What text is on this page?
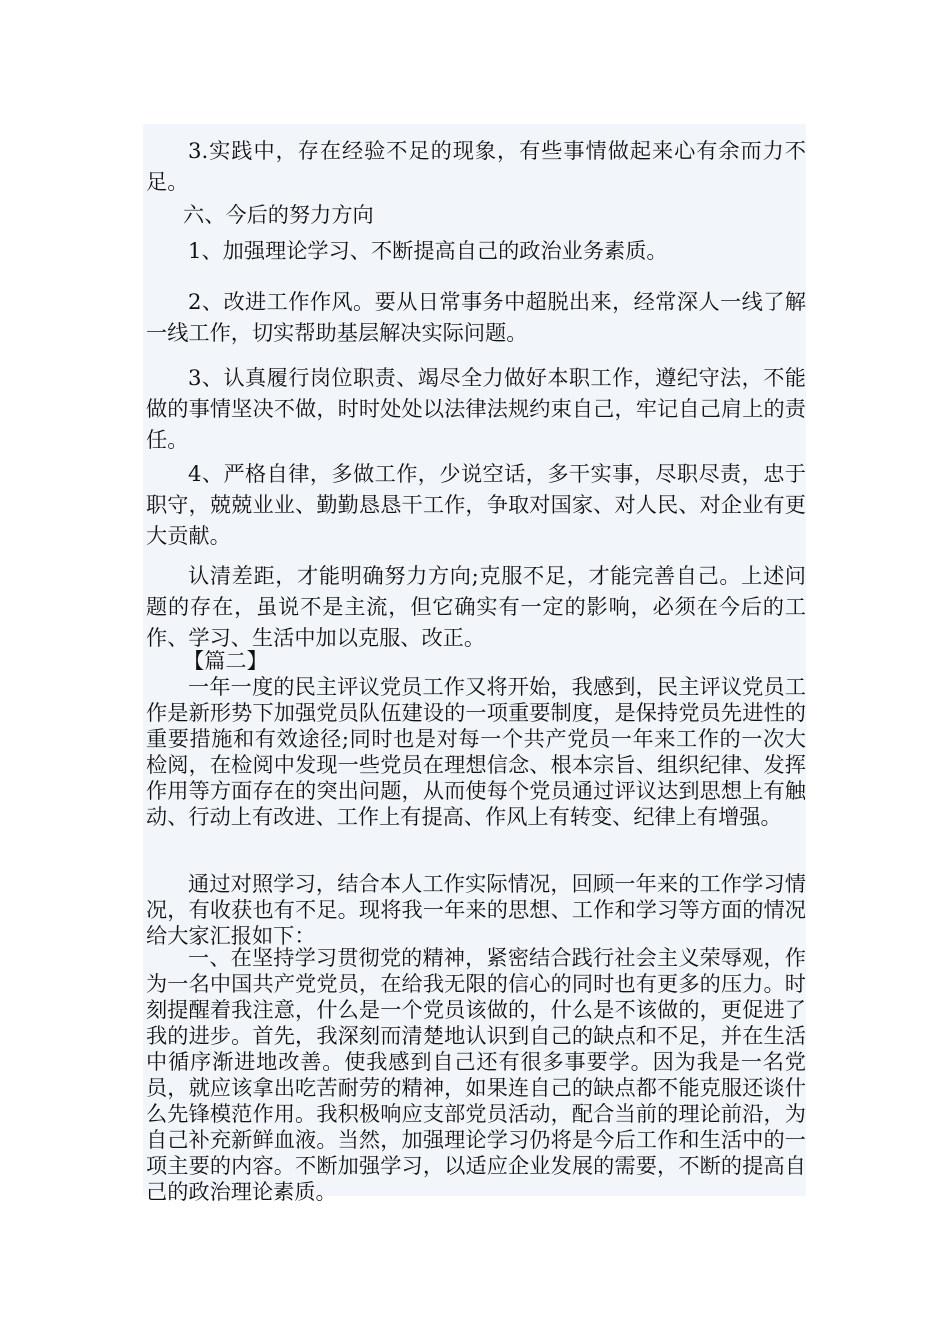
3.实践中，存在经验不足的现象，有些事情做起来心有余而力不足。

六、今后的努力方向

1、加强理论学习、不断提高自己的政治业务素质。

2、改进工作作风。要从日常事务中超脱出来，经常深人一线了解一线工作，切实帮助基层解决实际问题。

3、认真履行岗位职责、竭尽全力做好本职工作，遵纪守法，不能做的事情坚决不做，时时处处以法律法规约束自己，牢记自己肩上的责任。

4、严格自律，多做工作，少说空话，多干实事，尽职尽责，忠于职守，兢兢业业、勤勤恳恳干工作，争取对国家、对人民、对企业有更大贡献。

认清差距，才能明确努力方向;克服不足，才能完善自己。上述问题的存在，虽说不是主流，但它确实有一定的影响，必须在今后的工作、学习、生活中加以克服、改正。

【篇二】

一年一度的民主评议党员工作又将开始，我感到，民主评议党员工作是新形势下加强党员队伍建设的一项重要制度，是保持党员先进性的重要措施和有效途径;同时也是对每一个共产党员一年来工作的一次大检阅，在检阅中发现一些党员在理想信念、根本宗旨、组织纪律、发挥作用等方面存在的突出问题，从而使每个党员通过评议达到思想上有触动、行动上有改进、工作上有提高、作风上有转变、纪律上有增强。

通过对照学习，结合本人工作实际情况，回顾一年来的工作学习情况，有收获也有不足。现将我一年来的思想、工作和学习等方面的情况给大家汇报如下：

一、在坚持学习贯彻党的精神，紧密结合践行社会主义荣辱观，作为一名中国共产党党员，在给我无限的信心的同时也有更多的压力。时刻提醒着我注意，什么是一个党员该做的，什么是不该做的，更促进了我的进步。首先，我深刻而清楚地认识到自己的缺点和不足，并在生活中循序渐进地改善。使我感到自己还有很多事要学。因为我是一名党员，就应该拿出吃苦耐劳的精神，如果连自己的缺点都不能克服还谈什么先锋模范作用。我积极响应支部党员活动，配合当前的理论前沿，为自己补充新鲜血液。当然，加强理论学习仍将是今后工作和生活中的一项主要的内容。不断加强学习，以适应企业发展的需要，不断的提高自己的政治理论素质。
